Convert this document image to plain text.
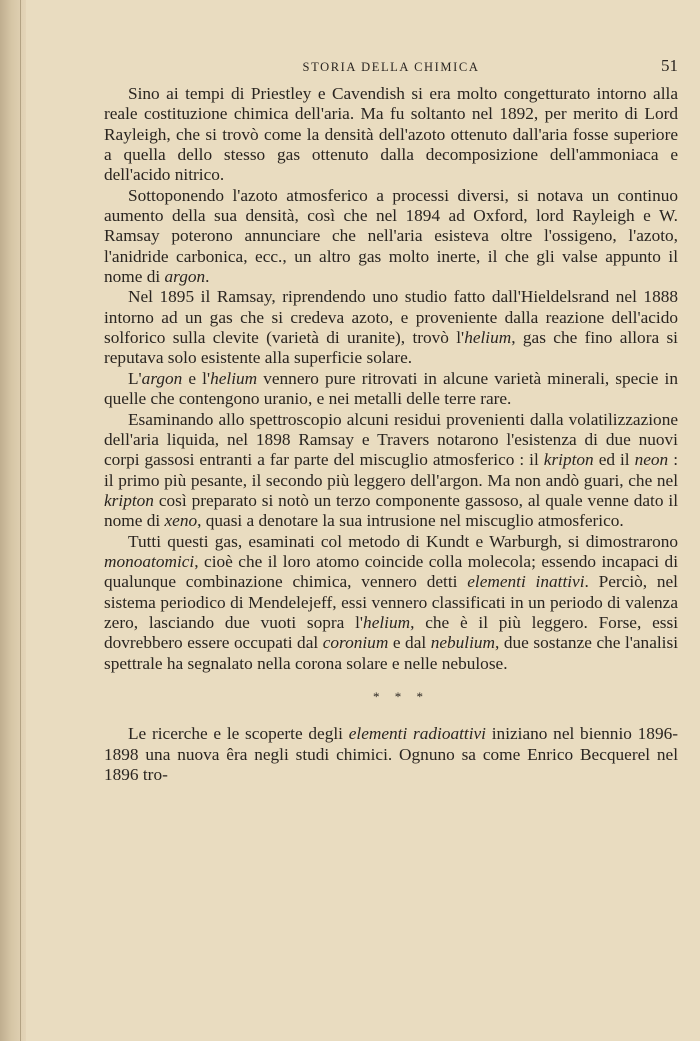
STORIA DELLA CHIMICA	51

Sino ai tempi di Priestley e Cavendish si era molto congetturato intorno alla reale costituzione chimica dell'aria. Ma fu soltanto nel 1892, per merito di Lord Rayleigh, che si trovò come la densità dell'azoto ottenuto dall'aria fosse superiore a quella dello stesso gas ottenuto dalla decomposizione dell'ammoniaca e dell'acido nitrico.

Sottoponendo l'azoto atmosferico a processi diversi, si notava un continuo aumento della sua densità, così che nel 1894 ad Oxford, lord Rayleigh e W. Ramsay poterono annunciare che nell'aria esisteva oltre l'ossigeno, l'azoto, l'anidride carbonica, ecc., un altro gas molto inerte, il che gli valse appunto il nome di argon.

Nel 1895 il Ramsay, riprendendo uno studio fatto dall'Hieldelsrand nel 1888 intorno ad un gas che si credeva azoto, e proveniente dalla reazione dell'acido solforico sulla clevite (varietà di uranite), trovò l'helium, gas che fino allora si reputava solo esistente alla superficie solare.

L'argon e l'helium vennero pure ritrovati in alcune varietà minerali, specie in quelle che contengono uranio, e nei metalli delle terre rare.

Esaminando allo spettroscopio alcuni residui provenienti dalla volatilizzazione dell'aria liquida, nel 1898 Ramsay e Travers notarono l'esistenza di due nuovi corpi gassosi entranti a far parte del miscuglio atmosferico : il kripton ed il neon : il primo più pesante, il secondo più leggero dell'argon. Ma non andò guari, che nel kripton così preparato si notò un terzo componente gassoso, al quale venne dato il nome di xeno, quasi a denotare la sua intrusione nel miscuglio atmosferico.

Tutti questi gas, esaminati col metodo di Kundt e Warburgh, si dimostrarono monoatomici, cioè che il loro atomo coincide colla molecola; essendo incapaci di qualunque combinazione chimica, vennero detti elementi inattivi. Perciò, nel sistema periodico di Mendelejeff, essi vennero classificati in un periodo di valenza zero, lasciando due vuoti sopra l'helium, che è il più leggero. Forse, essi dovrebbero essere occupati dal coronium e dal nebulium, due sostanze che l'analisi spettrale ha segnalato nella corona solare e nelle nebulose.

* * *

Le ricerche e le scoperte degli elementi radioattivi iniziano nel biennio 1896-1898 una nuova êra negli studi chimici. Ognuno sa come Enrico Becquerel nel 1896 tro-
